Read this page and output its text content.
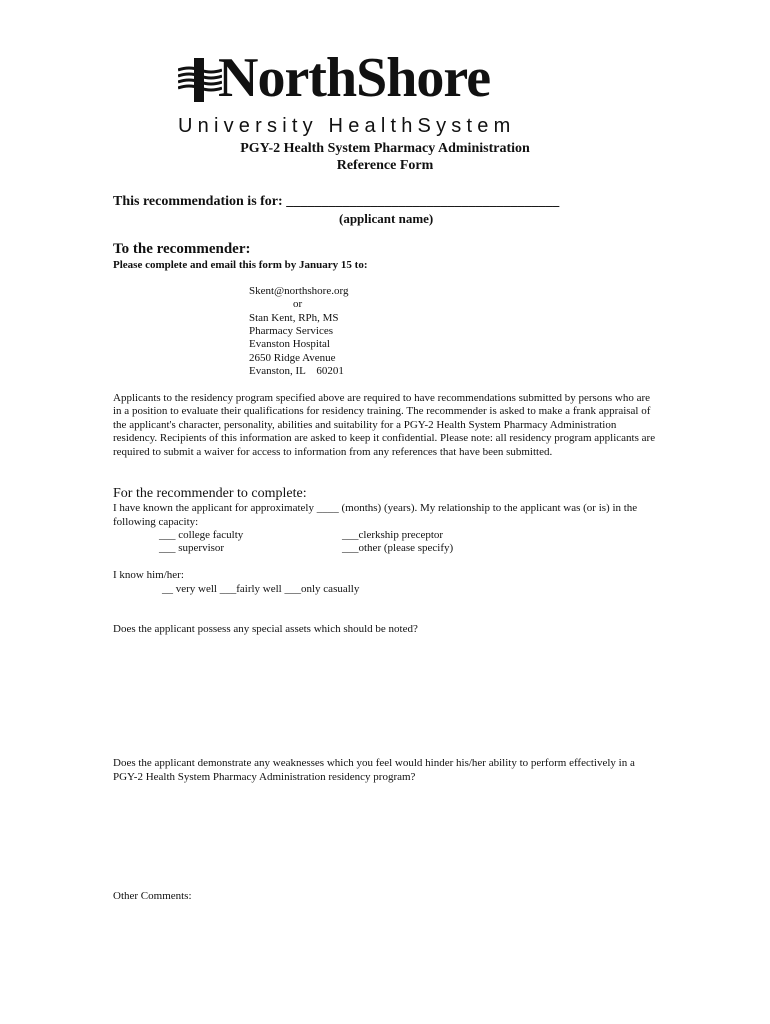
NorthShore
University HealthSystem
PGY-2 Health System Pharmacy Administration
Reference Form
This recommendation is for: _______________________________________
(applicant name)
To the recommender:
Please complete and email this form by January 15 to:
Skent@northshore.org
or
Stan Kent, RPh, MS
Pharmacy Services
Evanston Hospital
2650 Ridge Avenue
Evanston, IL    60201
Applicants to the residency program specified above are required to have recommendations submitted by persons who are in a position to evaluate their qualifications for residency training. The recommender is asked to make a frank appraisal of the applicant's character, personality, abilities and suitability for a PGY-2 Health System Pharmacy Administration residency. Recipients of this information are asked to keep it confidential. Please note: all residency program applicants are required to submit a waiver for access to information from any references that have been submitted.
For the recommender to complete:
I have known the applicant for approximately ____ (months) (years). My relationship to the applicant was (or is) in the
following capacity:
___ college faculty
___ supervisor
___clerkship preceptor
___other (please specify)
I know him/her:
__ very well ___fairly well ___only casually
Does the applicant possess any special assets which should be noted?
Does the applicant demonstrate any weaknesses which you feel would hinder his/her ability to perform effectively in a
PGY-2 Health System Pharmacy Administration residency program?
Other Comments:
